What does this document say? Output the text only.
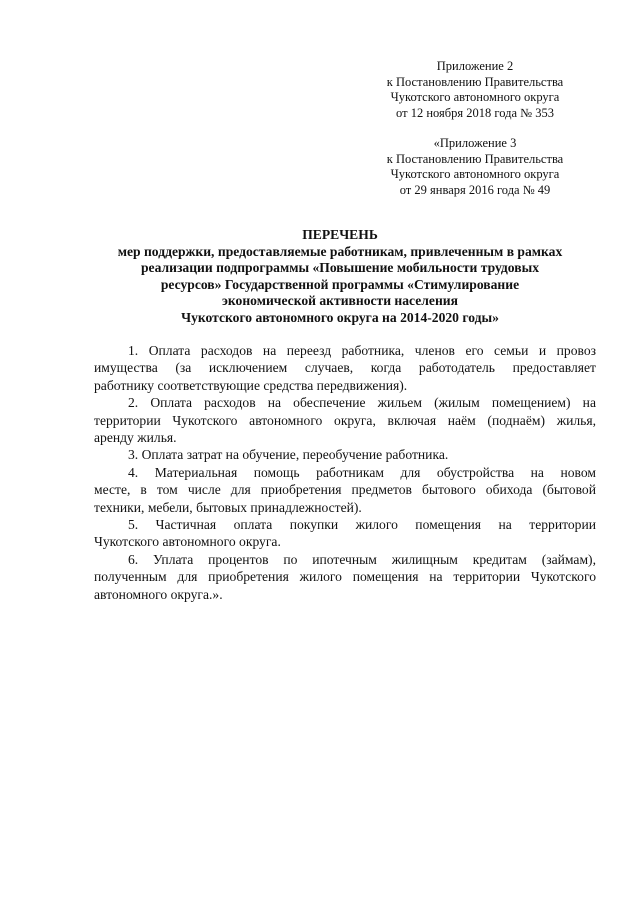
Приложение 2
к Постановлению Правительства
Чукотского автономного округа
от 12 ноября 2018 года № 353
«Приложение 3
к Постановлению Правительства
Чукотского автономного округа
от 29 января 2016 года № 49
ПЕРЕЧЕНЬ
мер поддержки, предоставляемые работникам, привлеченным в рамках
реализации подпрограммы «Повышение мобильности трудовых
ресурсов» Государственной программы «Стимулирование
экономической активности населения
Чукотского автономного округа на 2014-2020 годы»
1. Оплата расходов на переезд работника, членов его семьи и провоз
имущества (за исключением случаев, когда работодатель предоставляет
работнику соответствующие средства передвижения).
2. Оплата расходов на обеспечение жильем (жилым помещением) на
территории Чукотского автономного округа, включая наём (поднаём) жилья,
аренду жилья.
3. Оплата затрат на обучение, переобучение работника.
4. Материальная помощь работникам для обустройства на новом
месте, в том числе для приобретения предметов бытового обихода (бытовой
техники, мебели, бытовых принадлежностей).
5. Частичная оплата покупки жилого помещения на территории
Чукотского автономного округа.
6. Уплата процентов по ипотечным жилищным кредитам (займам),
полученным для приобретения жилого помещения на территории Чукотского
автономного округа.».
